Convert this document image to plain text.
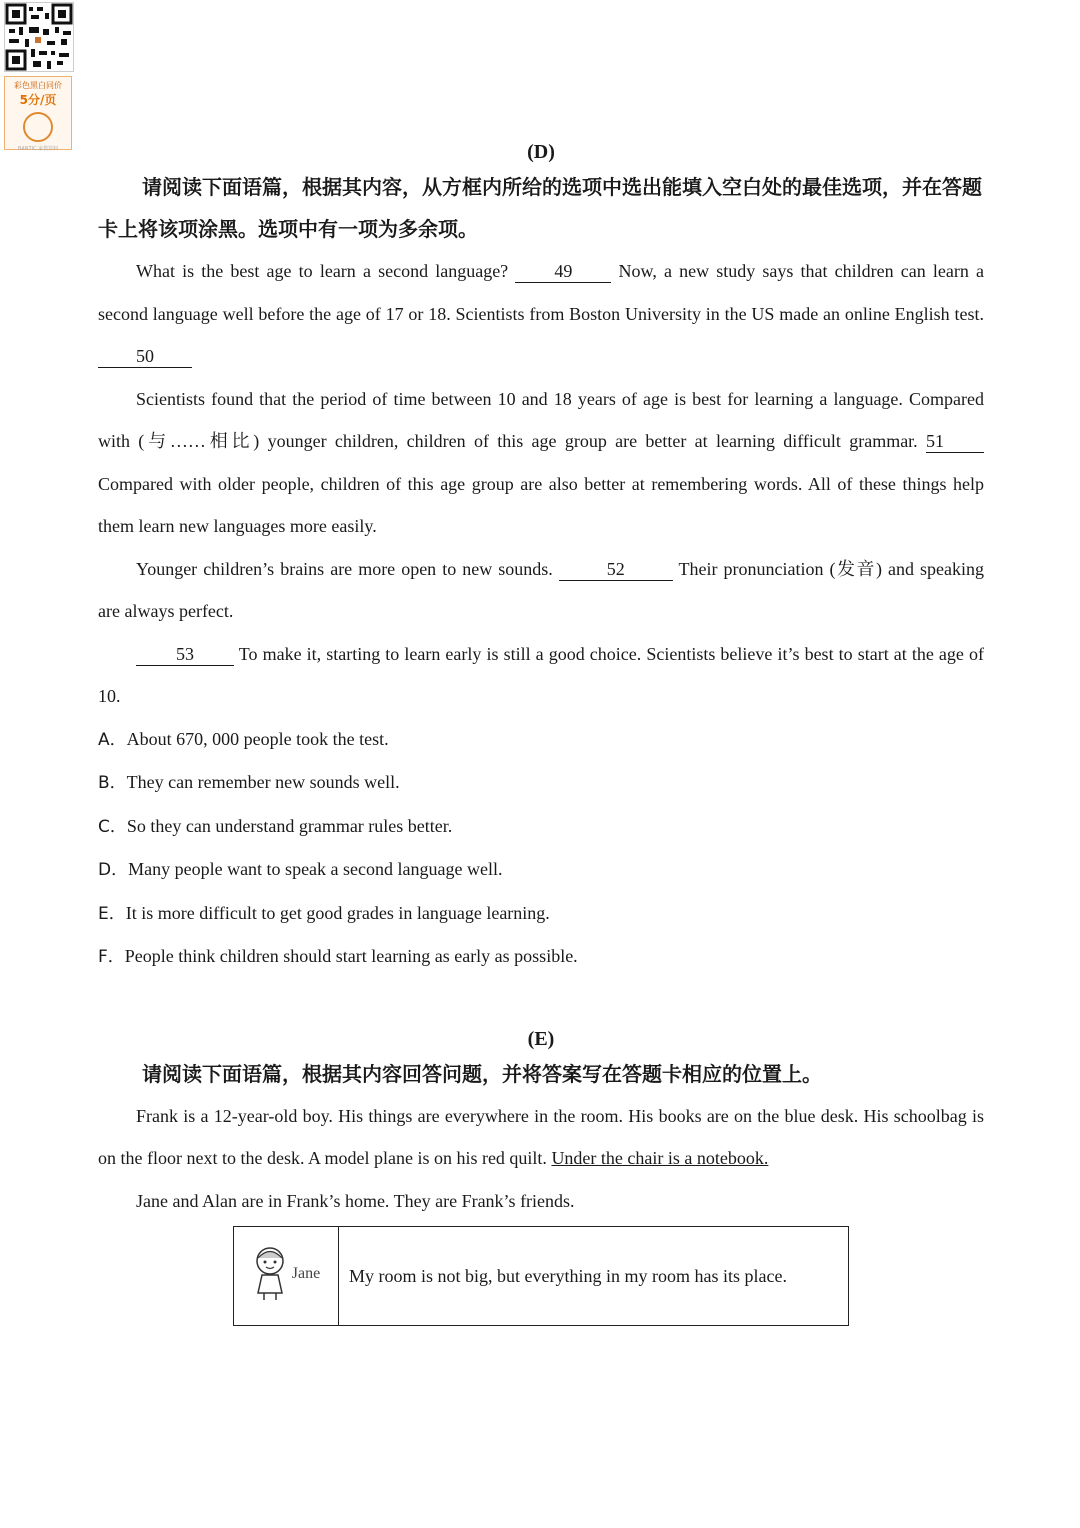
彩色黑白同价
5分/页
BANTIC 家教资料	(D)

请阅读下面语篇，根据其内容，从方框内所给的选项中选出能填入空白处的最佳选项，并在答题卡上将该项涂黑。选项中有一项为多余项。

What is the best age to learn a second language?	49	Now, a new study says that children can learn a second language well before the age of 17 or 18. Scientists from Boston University in the US made an online English test. 50

Scientists found that the period of time between 10 and 18 years of age is best for learning a language. Compared with (与……相比) younger children, children of this age group are better at learning difficult grammar. 51 Compared with older people, children of this age group are also better at remembering words. All of these things help them learn new languages more easily.

Younger children’s brains are more open to new sounds.	52	Their pronunciation (发音) and speaking are always perfect.

53 To make it, starting to learn early is still a good choice. Scientists believe it’s best to start at the age of 10.

A．About 670, 000 people took the test.
B．They can remember new sounds well.
C．So they can understand grammar rules better.
D．Many people want to speak a second language well.
E．It is more difficult to get good grades in language learning.
F．People think children should start learning as early as possible.

(E)

请阅读下面语篇，根据其内容回答问题，并将答案写在答题卡相应的位置上。

Frank is a 12-year-old boy. His things are everywhere in the room. His books are on the blue desk. His schoolbag is on the floor next to the desk. A model plane is on his red quilt. Under the chair is a notebook.

Jane and Alan are in Frank’s home. They are Frank’s friends.

Jane	My room is not big, but everything in my room has its place.
